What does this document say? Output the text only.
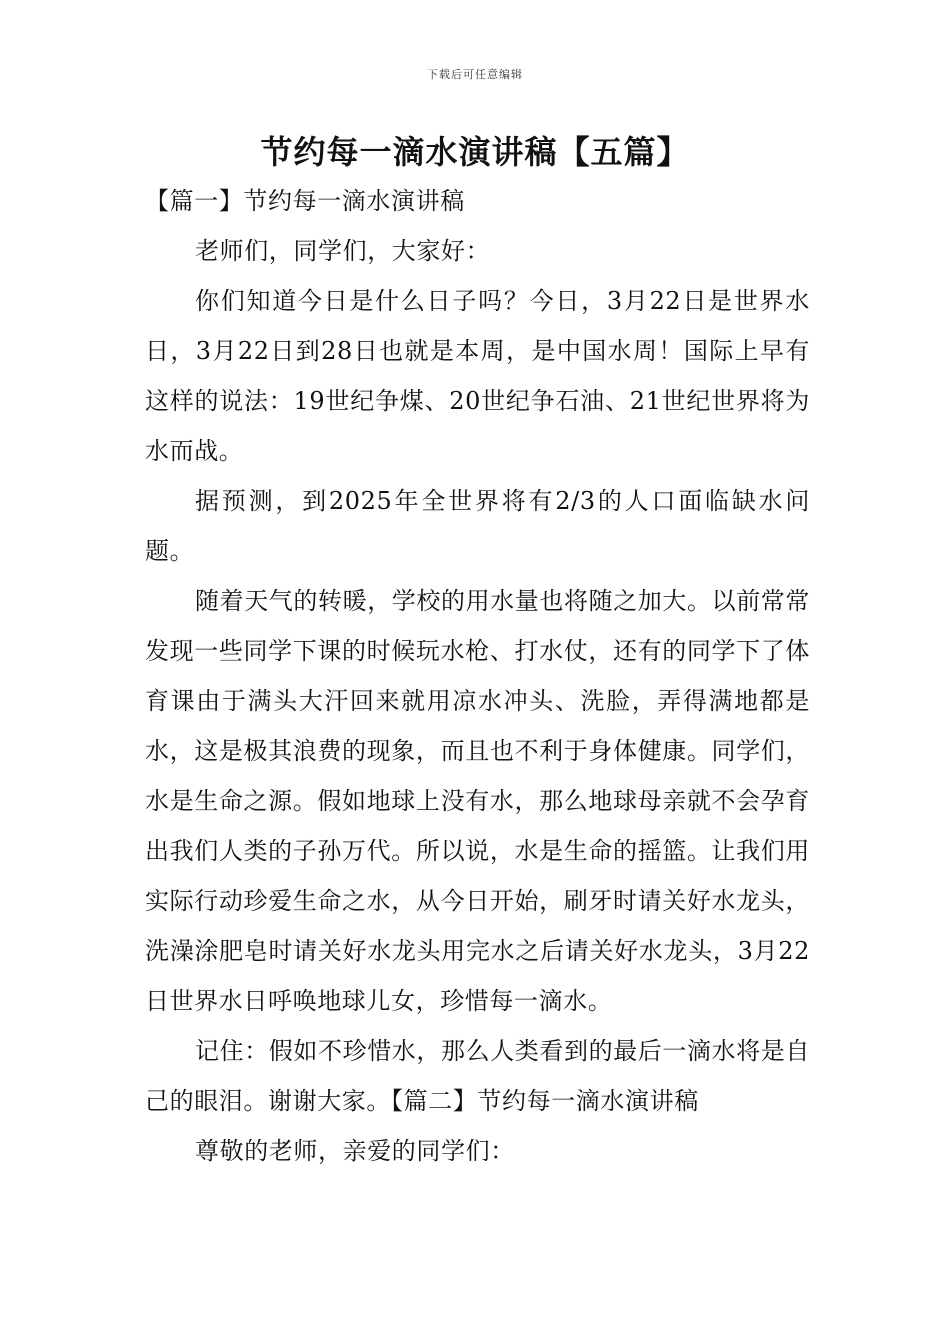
下载后可任意编辑
节约每一滴水演讲稿【五篇】

【篇一】节约每一滴水演讲稿

老师们，同学们，大家好：

你们知道今日是什么日子吗？今日，3月22日是世界水日，3月22日到28日也就是本周，是中国水周！国际上早有这样的说法：19世纪争煤、20世纪争石油、21世纪世界将为水而战。

据预测，到2025年全世界将有2/3的人口面临缺水问题。

随着天气的转暖，学校的用水量也将随之加大。以前常常发现一些同学下课的时候玩水枪、打水仗，还有的同学下了体育课由于满头大汗回来就用凉水冲头、洗脸，弄得满地都是水，这是极其浪费的现象，而且也不利于身体健康。同学们，水是生命之源。假如地球上没有水，那么地球母亲就不会孕育出我们人类的子孙万代。所以说，水是生命的摇篮。让我们用实际行动珍爱生命之水，从今日开始，刷牙时请关好水龙头，洗澡涂肥皂时请关好水龙头用完水之后请关好水龙头，3月22日世界水日呼唤地球儿女，珍惜每一滴水。

记住：假如不珍惜水，那么人类看到的最后一滴水将是自己的眼泪。谢谢大家。【篇二】节约每一滴水演讲稿

尊敬的老师，亲爱的同学们：
